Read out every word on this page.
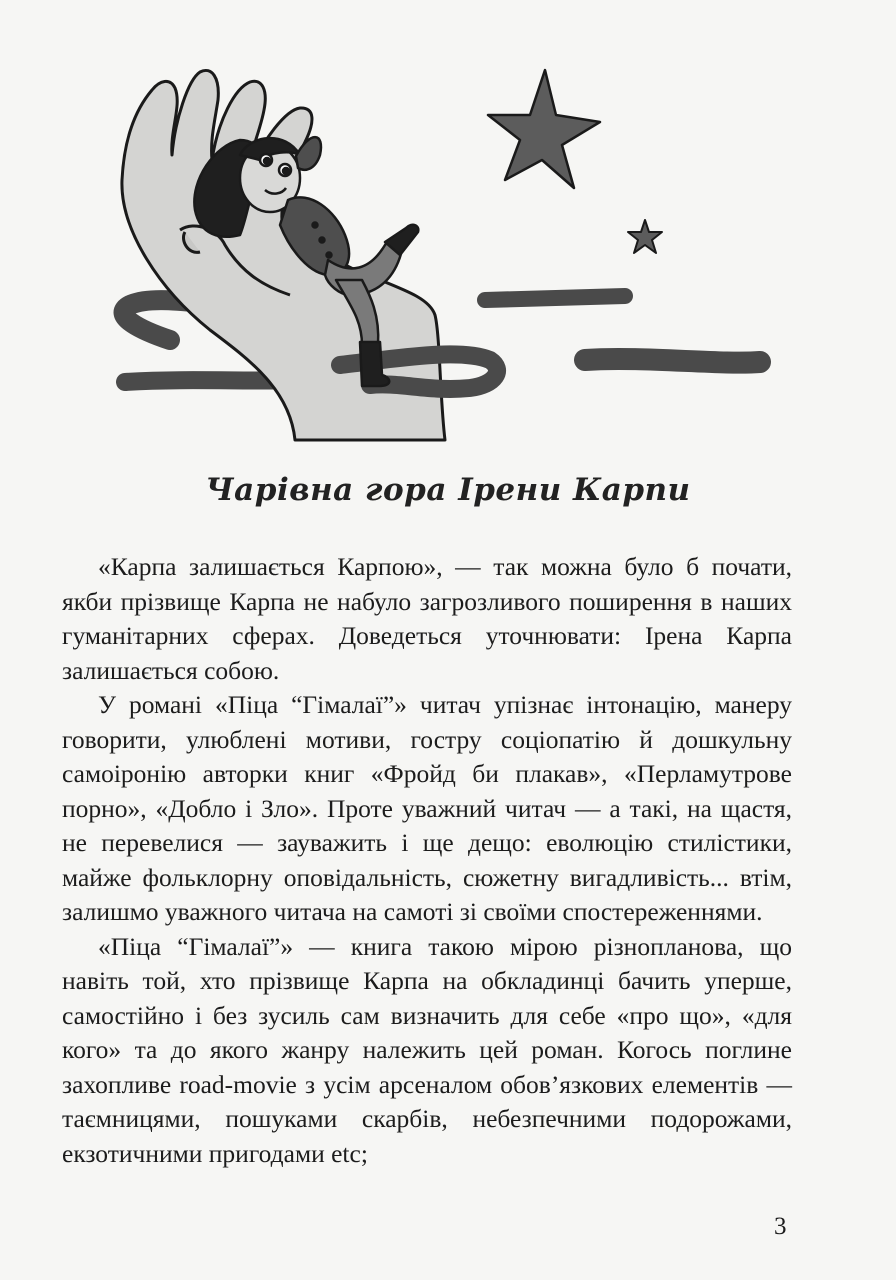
Чарівна гора Ірени Карпи

«Карпа залишається Карпою», — так можна було б почати, якби прізвище Карпа не набуло загрозливого поширення в наших гуманітарних сферах. Доведеться уточнювати: Ірена Карпа залишається собою.

У романі «Піца “Гімалаї”» читач упізнає інтонацію, манеру говорити, улюблені мотиви, гостру соціопатію й дошкульну самоіронію авторки книг «Фройд би плакав», «Перламутрове порно», «Добло і Зло». Проте уважний читач — а такі, на щастя, не перевелися — зауважить і ще дещо: еволюцію стилістики, майже фольклорну оповідальність, сюжетну вигадливість... втім, залишмо уважного читача на самоті зі своїми спостереженнями.

«Піца “Гімалаї”» — книга такою мірою різнопланова, що навіть той, хто прізвище Карпа на обкладинці бачить уперше, самостійно і без зусиль сам визначить для себе «про що», «для кого» та до якого жанру належить цей роман. Когось поглине захопливе road-movie з усім арсеналом обов’язкових елементів — таємницями, пошуками скарбів, небезпечними подорожами, екзотичними пригодами etc;

3
